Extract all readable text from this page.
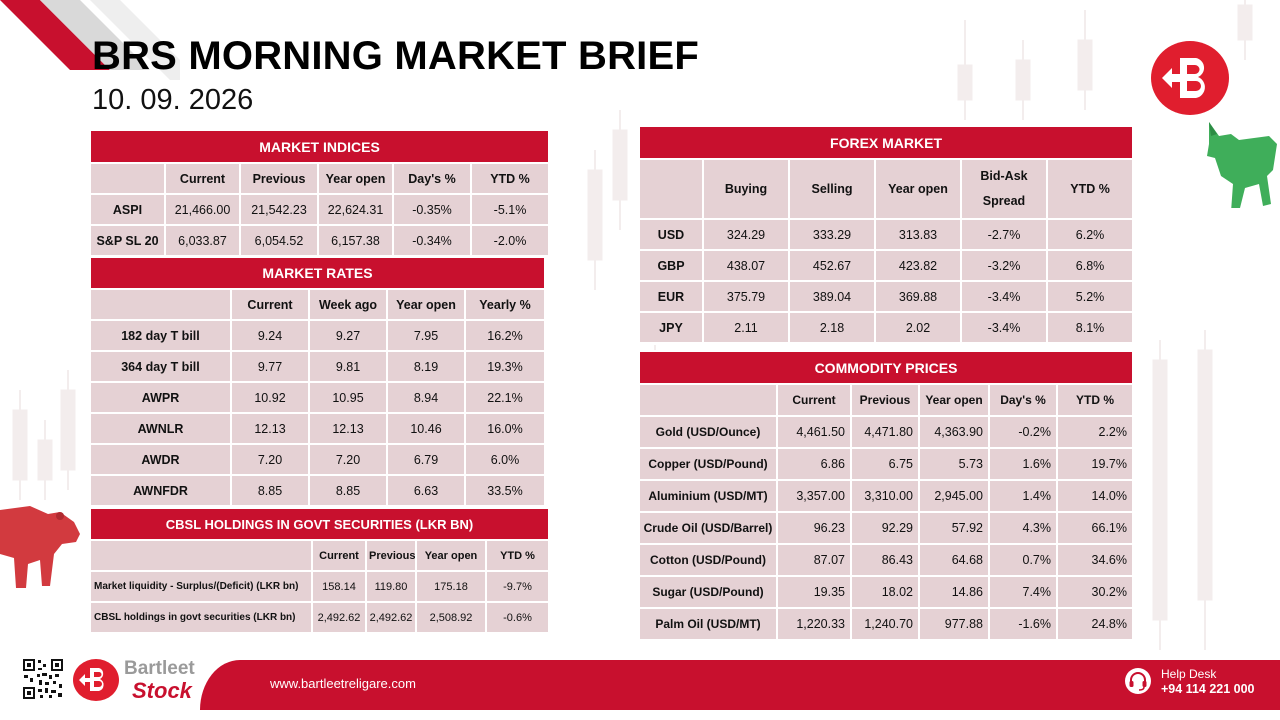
BRS MORNING MARKET BRIEF
10. 09. 2026
MARKET INDICES					
	Current	Previous	Year open	Day's %	YTD %
ASPI	21,466.00	21,542.23	22,624.31	-0.35%	-5.1%
S&P SL 20	6,033.87	6,054.52	6,157.38	-0.34%	-2.0%
MARKET RATES				
	Current	Week ago	Year open	Yearly %
182 day T bill	9.24	9.27	7.95	16.2%
364 day T bill	9.77	9.81	8.19	19.3%
AWPR	10.92	10.95	8.94	22.1%
AWNLR	12.13	12.13	10.46	16.0%
AWDR	7.20	7.20	6.79	6.0%
AWNFDR	8.85	8.85	6.63	33.5%
CBSL HOLDINGS IN GOVT SECURITIES (LKR BN)				
	Current	Previous	Year open	YTD %
Market liquidity - Surplus/(Deficit) (LKR bn)	158.14	119.80	175.18	-9.7%
CBSL holdings in govt securities (LKR bn)	2,492.62	2,492.62	2,508.92	-0.6%
FOREX MARKET					
	Buying	Selling	Year open	Bid-Ask Spread	YTD %
USD	324.29	333.29	313.83	-2.7%	6.2%
GBP	438.07	452.67	423.82	-3.2%	6.8%
EUR	375.79	389.04	369.88	-3.4%	5.2%
JPY	2.11	2.18	2.02	-3.4%	8.1%
COMMODITY PRICES					
	Current	Previous	Year open	Day's %	YTD %
Gold (USD/Ounce)	4,461.50	4,471.80	4,363.90	-0.2%	2.2%
Copper (USD/Pound)	6.86	6.75	5.73	1.6%	19.7%
Aluminium (USD/MT)	3,357.00	3,310.00	2,945.00	1.4%	14.0%
Crude Oil (USD/Barrel)	96.23	92.29	57.92	4.3%	66.1%
Cotton (USD/Pound)	87.07	86.43	64.68	0.7%	34.6%
Sugar (USD/Pound)	19.35	18.02	14.86	7.4%	30.2%
Palm Oil (USD/MT)	1,220.33	1,240.70	977.88	-1.6%	24.8%
Bartleet
Stock	www.bartleetreligare.com
Help Desk
+94 114 221 000
